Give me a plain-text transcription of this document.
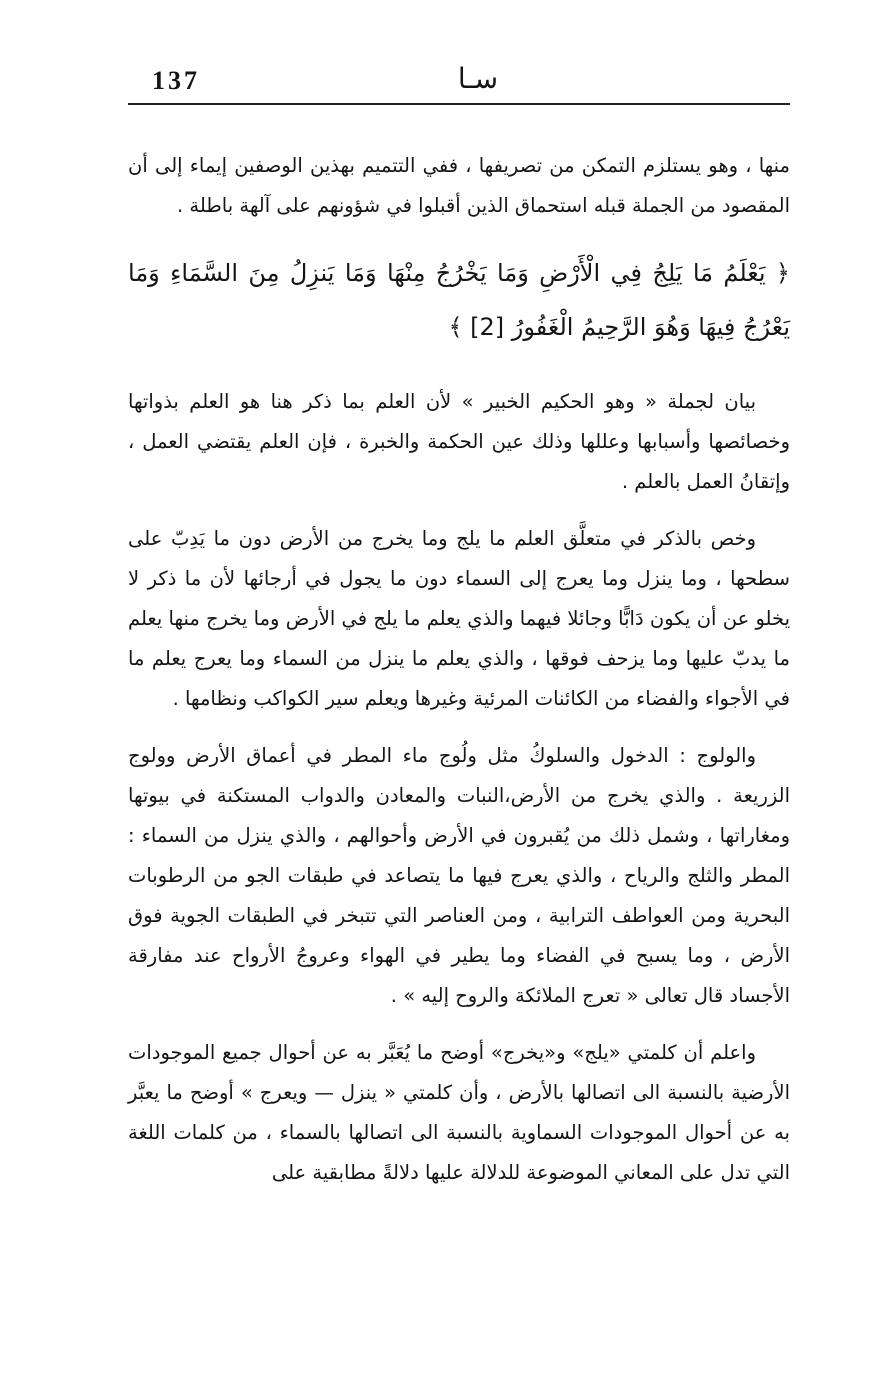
137	سـا

منها ، وهو يستلزم التمكن من تصريفها ، ففي التتميم بهذين الوصفين إيماء إلى أن المقصود من الجملة قبله استحماق الذين أقبلوا في شؤونهم على آلهة باطلة .

﴿ يَعْلَمُ مَا يَلِجُ فِي الْأَرْضِ وَمَا يَخْرُجُ مِنْهَا وَمَا يَنزِلُ مِنَ السَّمَاءِ وَمَا يَعْرُجُ فِيهَا وَهُوَ الرَّحِيمُ الْغَفُورُ [2] ﴾

بيان لجملة « وهو الحكيم الخبير » لأن العلم بما ذكر هنا هو العلم بذواتها وخصائصها وأسبابها وعللها وذلك عين الحكمة والخبرة ، فإن العلم يقتضي العمل ، وإتقانُ العمل بالعلم .

وخص بالذكر في متعلَّق العلم ما يلج وما يخرج من الأرض دون ما يَدِبّ على سطحها ، وما ينزل وما يعرج إلى السماء دون ما يجول في أرجائها لأن ما ذكر لا يخلو عن أن يكون دَابًّا وجائلا فيهما والذي يعلم ما يلج في الأرض وما يخرج منها يعلم ما يدبّ عليها وما يزحف فوقها ، والذي يعلم ما ينزل من السماء وما يعرج يعلم ما في الأجواء والفضاء من الكائنات المرئية وغيرها ويعلم سير الكواكب ونظامها .

والولوج : الدخول والسلوكُ مثل ولُوج ماء المطر في أعماق الأرض وولوج الزريعة . والذي يخرج من الأرض،النبات والمعادن والدواب المستكنة في بيوتها ومغاراتها ، وشمل ذلك من يُقبرون في الأرض وأحوالهم ، والذي ينزل من السماء : المطر والثلج والرياح ، والذي يعرج فيها ما يتصاعد في طبقات الجو من الرطوبات البحرية ومن العواطف الترابية ، ومن العناصر التي تتبخر في الطبقات الجوية فوق الأرض ، وما يسبح في الفضاء وما يطير في الهواء وعروجُ الأرواح عند مفارقة الأجساد قال تعالى « تعرج الملائكة والروح إليه » .

واعلم أن كلمتي «يلج» و«يخرج» أوضح ما يُعَبَّر به عن أحوال جميع الموجودات الأرضية بالنسبة الى اتصالها بالأرض ، وأن كلمتي « ينزل — ويعرج » أوضح ما يعبَّر به عن أحوال الموجودات السماوية بالنسبة الى اتصالها بالسماء ، من كلمات اللغة التي تدل على المعاني الموضوعة للدلالة عليها دلالةً مطابقية على
